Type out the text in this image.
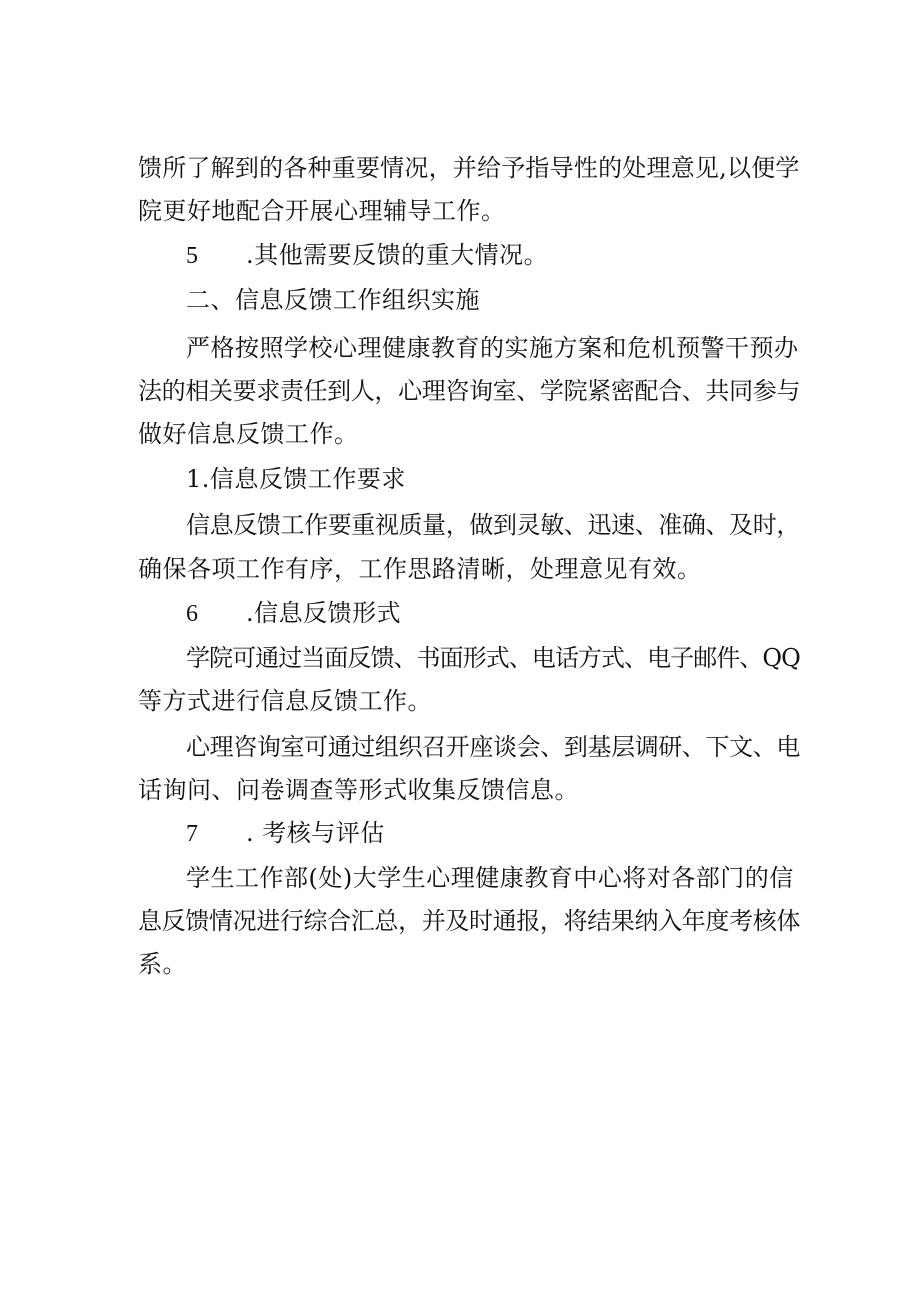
馈所了解到的各种重要情况，并给予指导性的处理意见,以便学

院更好地配合开展心理辅导工作。

5 .其他需要反馈的重大情况。

二、信息反馈工作组织实施

严格按照学校心理健康教育的实施方案和危机预警干预办

法的相关要求责任到人，心理咨询室、学院紧密配合、共同参与

做好信息反馈工作。

1.信息反馈工作要求

信息反馈工作要重视质量，做到灵敏、迅速、准确、及时，

确保各项工作有序，工作思路清晰，处理意见有效。

6 .信息反馈形式

学院可通过当面反馈、书面形式、电话方式、电子邮件、QQ

等方式进行信息反馈工作。

心理咨询室可通过组织召开座谈会、到基层调研、下文、电

话询问、问卷调查等形式收集反馈信息。

7 . 考核与评估

学生工作部(处)大学生心理健康教育中心将对各部门的信

息反馈情况进行综合汇总，并及时通报，将结果纳入年度考核体

系。
